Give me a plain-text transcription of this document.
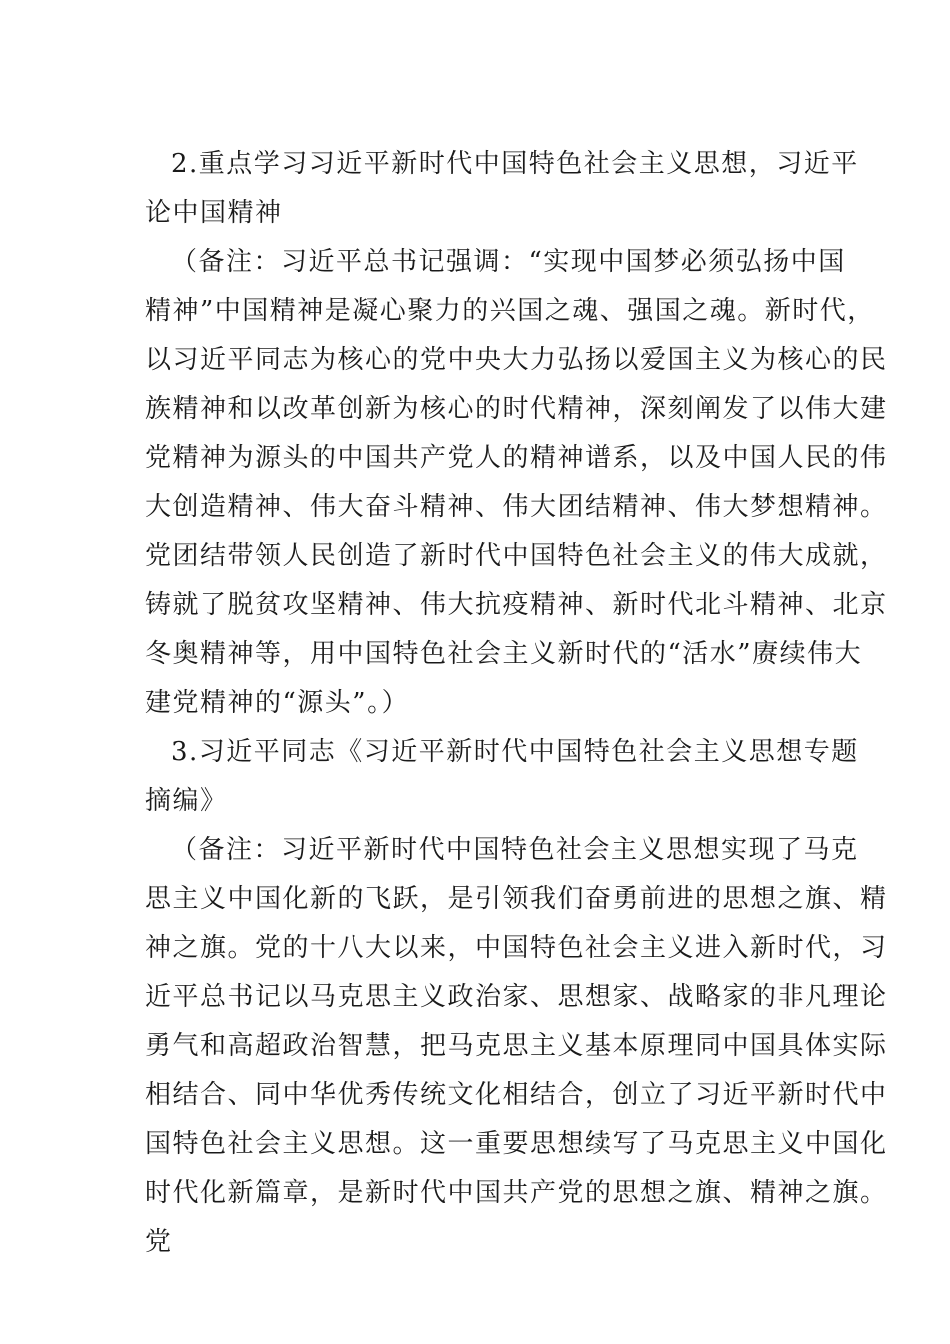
2.重点学习习近平新时代中国特色社会主义思想，习近平
论中国精神
（备注：习近平总书记强调：“实现中国梦必须弘扬中国
精神”中国精神是凝心聚力的兴国之魂、强国之魂。新时代，
以习近平同志为核心的党中央大力弘扬以爱国主义为核心的民
族精神和以改革创新为核心的时代精神，深刻阐发了以伟大建
党精神为源头的中国共产党人的精神谱系，以及中国人民的伟
大创造精神、伟大奋斗精神、伟大团结精神、伟大梦想精神。
党团结带领人民创造了新时代中国特色社会主义的伟大成就，
铸就了脱贫攻坚精神、伟大抗疫精神、新时代北斗精神、北京
冬奥精神等，用中国特色社会主义新时代的“活水”赓续伟大
建党精神的“源头”。）
3.习近平同志《习近平新时代中国特色社会主义思想专题
摘编》
（备注：习近平新时代中国特色社会主义思想实现了马克
思主义中国化新的飞跃，是引领我们奋勇前进的思想之旗、精
神之旗。党的十八大以来，中国特色社会主义进入新时代，习
近平总书记以马克思主义政治家、思想家、战略家的非凡理论
勇气和高超政治智慧，把马克思主义基本原理同中国具体实际
相结合、同中华优秀传统文化相结合，创立了习近平新时代中
国特色社会主义思想。这一重要思想续写了马克思主义中国化
时代化新篇章，是新时代中国共产党的思想之旗、精神之旗。
党
